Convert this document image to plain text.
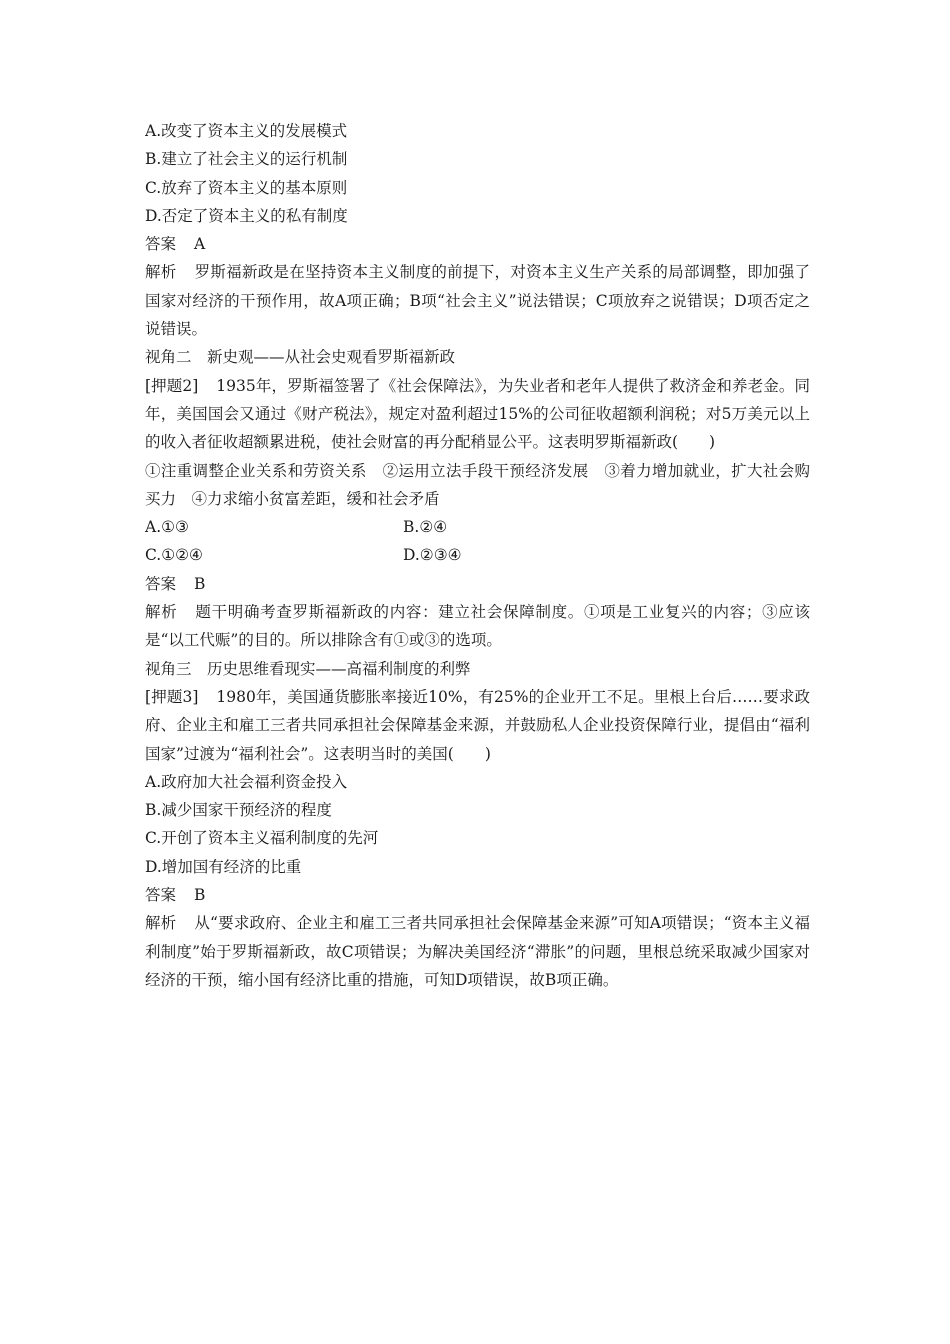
A.改变了资本主义的发展模式
B.建立了社会主义的运行机制
C.放弃了资本主义的基本原则
D.否定了资本主义的私有制度
答案 A
解析 罗斯福新政是在坚持资本主义制度的前提下，对资本主义生产关系的局部调整，即加强了国家对经济的干预作用，故A项正确；B项“社会主义”说法错误；C项放弃之说错误；D项否定之说错误。
视角二　新史观——从社会史观看罗斯福新政
[押题2] 1935年，罗斯福签署了《社会保障法》，为失业者和老年人提供了救济金和养老金。同年，美国国会又通过《财产税法》，规定对盈利超过15%的公司征收超额利润税；对5万美元以上的收入者征收超额累进税，使社会财富的再分配稍显公平。这表明罗斯福新政(　　)
①注重调整企业关系和劳资关系　②运用立法手段干预经济发展　③着力增加就业，扩大社会购买力　④力求缩小贫富差距，缓和社会矛盾
A.①③	B.②④
C.①②④	D.②③④
答案 B
解析 题干明确考查罗斯福新政的内容：建立社会保障制度。①项是工业复兴的内容；③应该是“以工代赈”的目的。所以排除含有①或③的选项。
视角三　历史思维看现实——高福利制度的利弊
[押题3] 1980年，美国通货膨胀率接近10%，有25%的企业开工不足。里根上台后……要求政府、企业主和雇工三者共同承担社会保障基金来源，并鼓励私人企业投资保障行业，提倡由“福利国家”过渡为“福利社会”。这表明当时的美国(　　)
A.政府加大社会福利资金投入
B.减少国家干预经济的程度
C.开创了资本主义福利制度的先河
D.增加国有经济的比重
答案 B
解析 从“要求政府、企业主和雇工三者共同承担社会保障基金来源”可知A项错误；“资本主义福利制度”始于罗斯福新政，故C项错误；为解决美国经济“滞胀”的问题，里根总统采取减少国家对经济的干预，缩小国有经济比重的措施，可知D项错误，故B项正确。
